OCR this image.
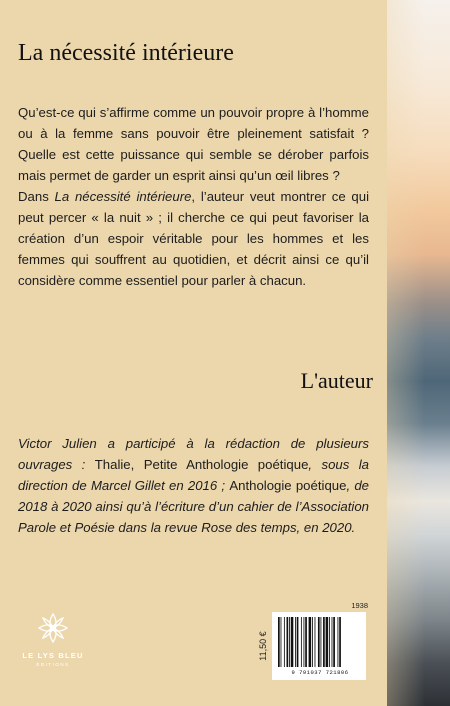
La nécessité intérieure

Qu’est-ce qui s’affirme comme un pouvoir propre à l’homme ou à la femme sans pouvoir être pleinement satisfait ? Quelle est cette puissance qui semble se dérober parfois mais permet de garder un esprit ainsi qu’un œil libres ?

Dans La nécessité intérieure, l’auteur veut montrer ce qui peut percer « la nuit » ; il cherche ce qui peut favoriser la création d’un espoir véritable pour les hommes et les femmes qui souffrent au quotidien, et décrit ainsi ce qu’il considère comme essentiel pour parler à chacun.

L'auteur

Victor Julien a participé à la rédaction de plusieurs ouvrages : Thalie, Petite Anthologie poétique, sous la direction de Marcel Gillet en 2016 ; Anthologie poétique, de 2018 à 2020 ainsi qu’à l’écriture d’un cahier de l’Association Parole et Poésie dans la revue Rose des temps, en 2020.

LE LYS BLEU
ÉDITIONS
1938
11,50 €
9 791037 721806
